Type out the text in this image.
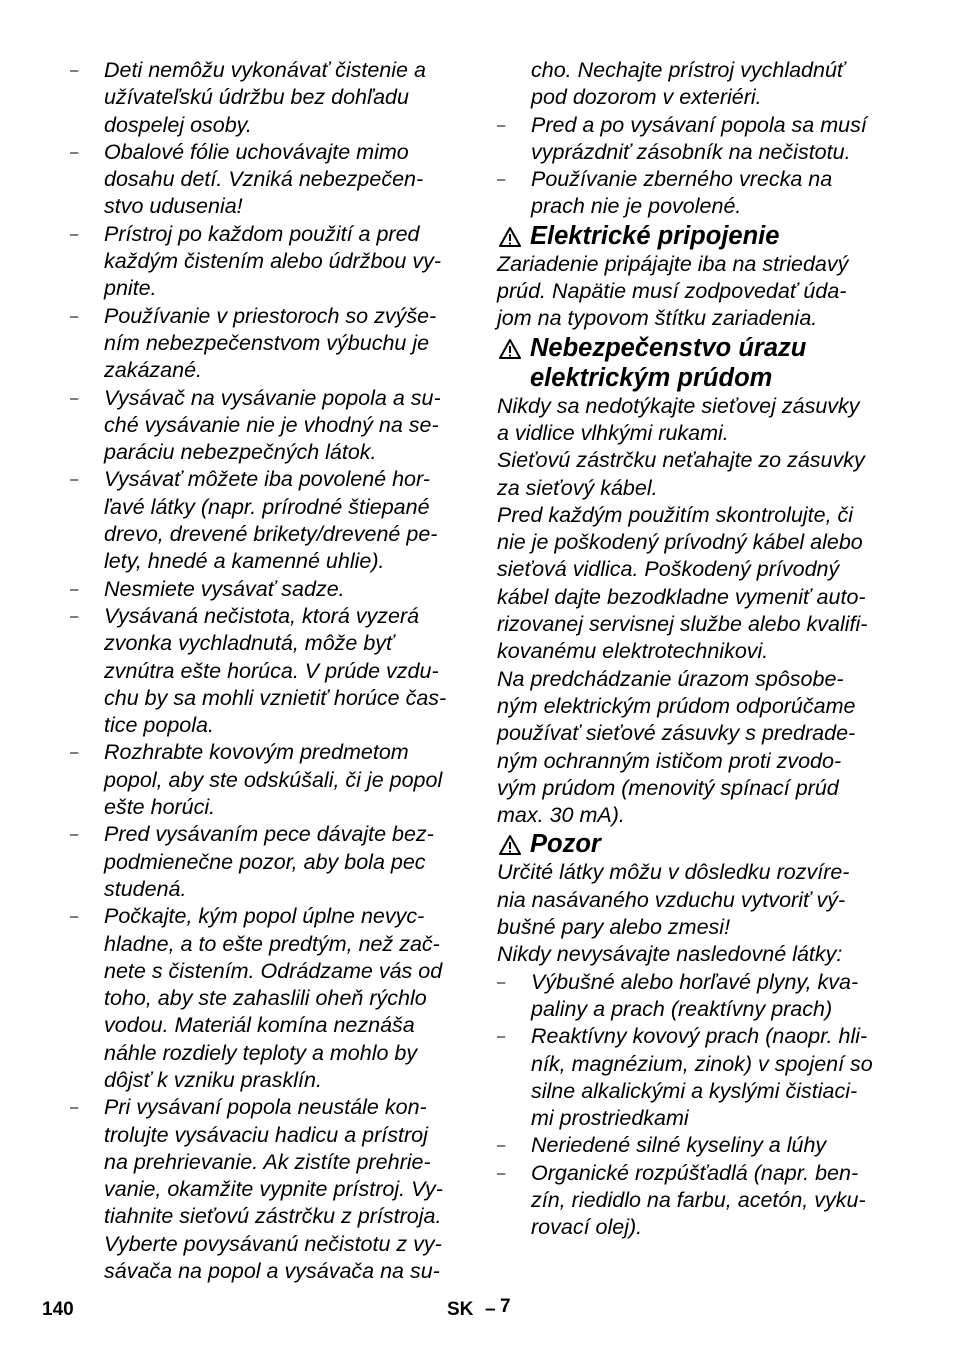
– Deti nemôžu vykonávať čistenie a
užívateľskú údržbu bez dohľadu
dospelej osoby.
– Obalové fólie uchovávajte mimo
dosahu detí. Vzniká nebezpečen-
stvo udusenia!
– Prístroj po každom použití a pred
každým čistením alebo údržbou vy-
pnite.
– Používanie v priestoroch so zvýše-
ním nebezpečenstvom výbuchu je
zakázané.
– Vysávač na vysávanie popola a su-
ché vysávanie nie je vhodný na se-
paráciu nebezpečných látok.
– Vysávať môžete iba povolené hor-
ľavé látky (napr. prírodné štiepané
drevo, drevené brikety/drevené pe-
lety, hnedé a kamenné uhlie).
– Nesmiete vysávať sadze.
– Vysávaná nečistota, ktorá vyzerá
zvonka vychladnutá, môže byť
zvnútra ešte horúca. V prúde vzdu-
chu by sa mohli vznietiť horúce čas-
tice popola.
– Rozhrabte kovovým predmetom
popol, aby ste odskúšali, či je popol
ešte horúci.
– Pred vysávaním pece dávajte bez-
podmienečne pozor, aby bola pec
studená.
– Počkajte, kým popol úplne nevyc-
hladne, a to ešte predtým, než zač-
nete s čistením. Odrádzame vás od
toho, aby ste zahaslili oheň rýchlo
vodou. Materiál komína neznáša
náhle rozdiely teploty a mohlo by
dôjsť k vzniku prasklín.
– Pri vysávaní popola neustále kon-
trolujte vysávaciu hadicu a prístroj
na prehrievanie. Ak zistíte prehrie-
vanie, okamžite vypnite prístroj. Vy-
tiahnite sieťovú zástrčku z prístroja.
Vyberte povysávanú nečistotu z vy-
sávača na popol a vysávača na su-
cho. Nechajte prístroj vychladnúť
pod dozorom v exteriéri.
– Pred a po vysávaní popola sa musí
vyprázdniť zásobník na nečistotu.
– Používanie zberného vrecka na
prach nie je povolené.
Elektrické pripojenie
Zariadenie pripájajte iba na striedavý
prúd. Napätie musí zodpovedať úda-
jom na typovom štítku zariadenia.
Nebezpečenstvo úrazu
elektrickým prúdom
Nikdy sa nedotýkajte sieťovej zásuvky
a vidlice vlhkými rukami.
Sieťovú zástrčku neťahajte zo zásuvky
za sieťový kábel.
Pred každým použitím skontrolujte, či
nie je poškodený prívodný kábel alebo
sieťová vidlica. Poškodený prívodný
kábel dajte bezodkladne vymeniť auto-
rizovanej servisnej službe alebo kvalifi-
kovanému elektrotechnikovi.
Na predchádzanie úrazom spôsobe-
ným elektrickým prúdom odporúčame
používať sieťové zásuvky s predrade-
ným ochranným ističom proti zvodo-
vým prúdom (menovitý spínací prúd
max. 30 mA).
Pozor
Určité látky môžu v dôsledku rozvíre-
nia nasávaného vzduchu vytvoriť vý-
bušné pary alebo zmesi!
Nikdy nevysávajte nasledovné látky:
– Výbušné alebo horľavé plyny, kva-
paliny a prach (reaktívny prach)
– Reaktívny kovový prach (naopr. hli-
ník, magnézium, zinok) v spojení so
silne alkalickými a kyslými čistiaci-
mi prostriedkami
– Neriedené silné kyseliny a lúhy
– Organické rozpúšťadlá (napr. ben-
zín, riedidlo na farbu, acetón, vyku-
rovací olej).
140	SK – 7
